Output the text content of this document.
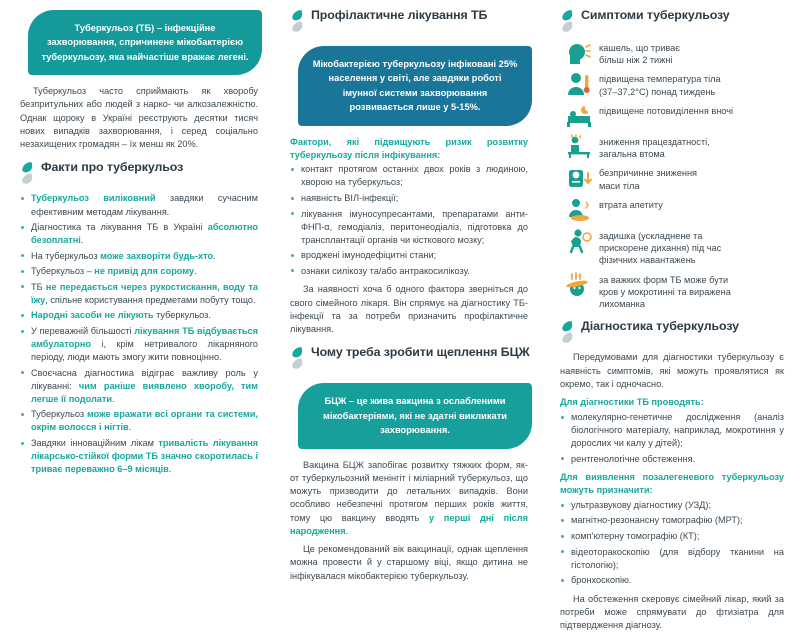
Туберкульоз (ТБ) – інфекційне захворювання, спричинене мікобактерією туберкульозу, яка найчастіше вражає легені.
Туберкульоз часто сприймають як хворобу безпритульних або людей з нарко- чи алкозалежністю. Однак щороку в Україні реєструють десятки тисяч нових випадків захворювання, і серед соціально незахищених громадян – їх менш як 20%.
Факти про туберкульоз
Туберкульоз виліковний завдяки сучасним ефективним методам лікування.
Діагностика та лікування ТБ в Україні абсолютно безоплатні.
На туберкульоз може захворіти будь-хто.
Туберкульоз – не привід для сорому.
ТБ не передається через рукостискання, воду та їжу, спільне користування предметами побуту тощо.
Народні засоби не лікують туберкульоз.
У переважній більшості лікування ТБ відбувається амбулаторно і, крім нетривалого лікарняного періоду, люди мають змогу жити повноцінно.
Своєчасна діагностика відіграє важливу роль у лікуванні: чим раніше виявлено хворобу, тим легше її подолати.
Туберкульоз може вражати всі органи та системи, окрім волосся і нігтів.
Завдяки інноваційним лікам тривалість лікування лікарсько-стійкої форми ТБ значно скоротилась і триває переважно 6–9 місяців.
Профілактичне лікування ТБ
Мікобактерією туберкульозу інфіковані 25% населення у світі, але завдяки роботі імунної системи захворювання розвивається лише у 5-15%.
Фактори, які підвищують ризик розвитку туберкульозу після інфікування:
контакт протягом останніх двох років з людиною, хворою на туберкульоз;
наявність ВІЛ-інфекції;
лікування імуносупресантами, препаратами анти-ФНП-α, гемодіаліз, перитонеодіаліз, підготовка до трансплантації органів чи кісткового мозку;
вроджені імунодефіцитні стани;
ознаки силікозу та/або антракосилікозу.
За наявності хоча б одного фактора зверніться до свого сімейного лікаря. Він спрямує на діагностику ТБ-інфекції та за потреби призначить профілактичне лікування.
Чому треба зробити щеплення БЦЖ
БЦЖ – це жива вакцина з ослабленими мікобактеріями, які не здатні викликати захворювання.
Вакцина БЦЖ запобігає розвитку тяжких форм, як-от туберкульозний менінгіт і міліарний туберкульоз, що можуть призводити до летальних випадків. Вони особливо небезпечні протягом перших років життя, тому цю вакцину вводять у перші дні після народження.
Це рекомендований вік вакцинації, однак щеплення можна провести й у старшому віці, якщо дитина не інфікувалася мікобактерією туберкульозу.
Симптоми туберкульозу
кашель, що триває
більш ніж 2 тижні
підвищена температура тіла
(37–37,2°C) понад тиждень
підвищене потовиділення вночі
зниження працездатності,
загальна втома
безпричинне зниження
маси тіла
втрата апетиту
задишка (ускладнене та
прискорене дихання) під час
фізичних навантажень
за важких форм ТБ може бути
кров у мокротинні та виражена
лихоманка
Діагностика туберкульозу
Передумовами для діагностики туберкульозу є наявність симптомів, які можуть проявлятися як окремо, так і одночасно.
Для діагностики ТБ проводять:
молекулярно-генетичне дослідження (аналіз біологічного матеріалу, наприклад, мокротиння у дорослих чи калу у дітей);
рентгенологічне обстеження.
Для виявлення позалегеневого туберкульозу можуть призначити:
ультразвукову діагностику (УЗД);
магнітно-резонансну томографію (МРТ);
комп'ютерну томографію (КТ);
відеоторакоскопію (для відбору тканини на гістологію);
бронхоскопію.
На обстеження скеровує сімейний лікар, який за потреби може спрямувати до фтизіатра для підтвердження діагнозу.
